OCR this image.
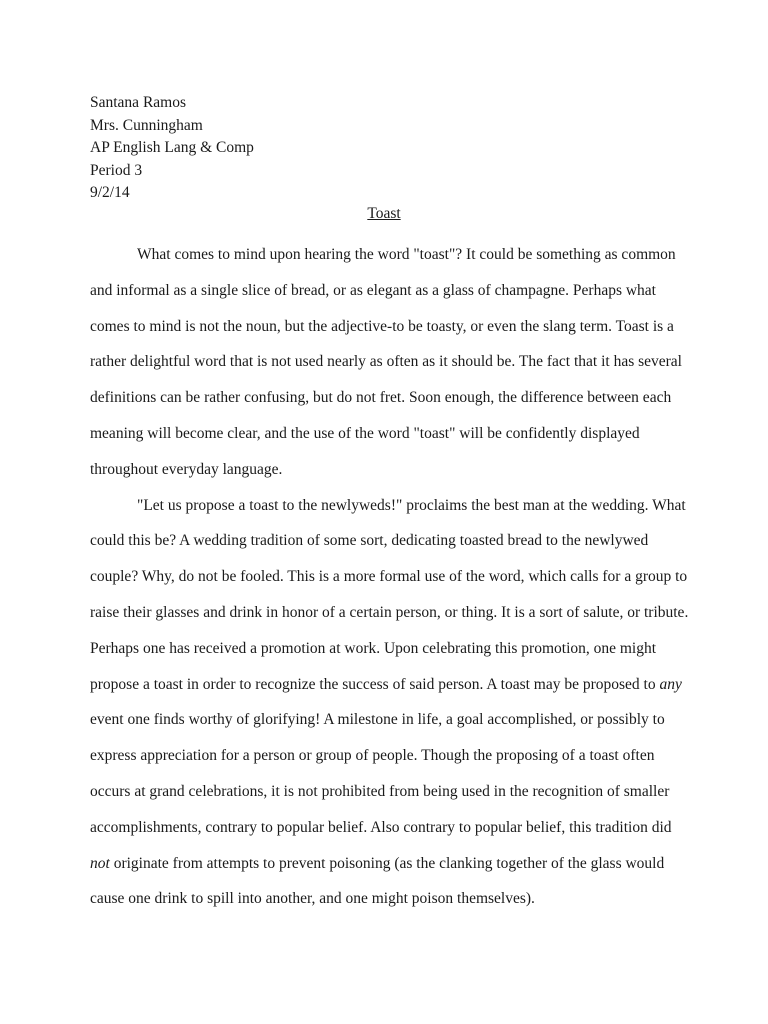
Santana Ramos
Mrs. Cunningham
AP English Lang & Comp
Period 3
9/2/14
Toast
What comes to mind upon hearing the word "toast"? It could be something as common
and informal as a single slice of bread, or as elegant as a glass of champagne. Perhaps what
comes to mind is not the noun, but the adjective-to be toasty, or even the slang term. Toast is a
rather delightful word that is not used nearly as often as it should be. The fact that it has several
definitions can be rather confusing, but do not fret. Soon enough, the difference between each
meaning will become clear, and the use of the word "toast" will be confidently displayed
throughout everyday language.
"Let us propose a toast to the newlyweds!" proclaims the best man at the wedding. What
could this be? A wedding tradition of some sort, dedicating toasted bread to the newlywed
couple? Why, do not be fooled. This is a more formal use of the word, which calls for a group to
raise their glasses and drink in honor of a certain person, or thing. It is a sort of salute, or tribute.
Perhaps one has received a promotion at work. Upon celebrating this promotion, one might
propose a toast in order to recognize the success of said person. A toast may be proposed to any
event one finds worthy of glorifying! A milestone in life, a goal accomplished, or possibly to
express appreciation for a person or group of people. Though the proposing of a toast often
occurs at grand celebrations, it is not prohibited from being used in the recognition of smaller
accomplishments, contrary to popular belief. Also contrary to popular belief, this tradition did
not originate from attempts to prevent poisoning (as the clanking together of the glass would
cause one drink to spill into another, and one might poison themselves).
